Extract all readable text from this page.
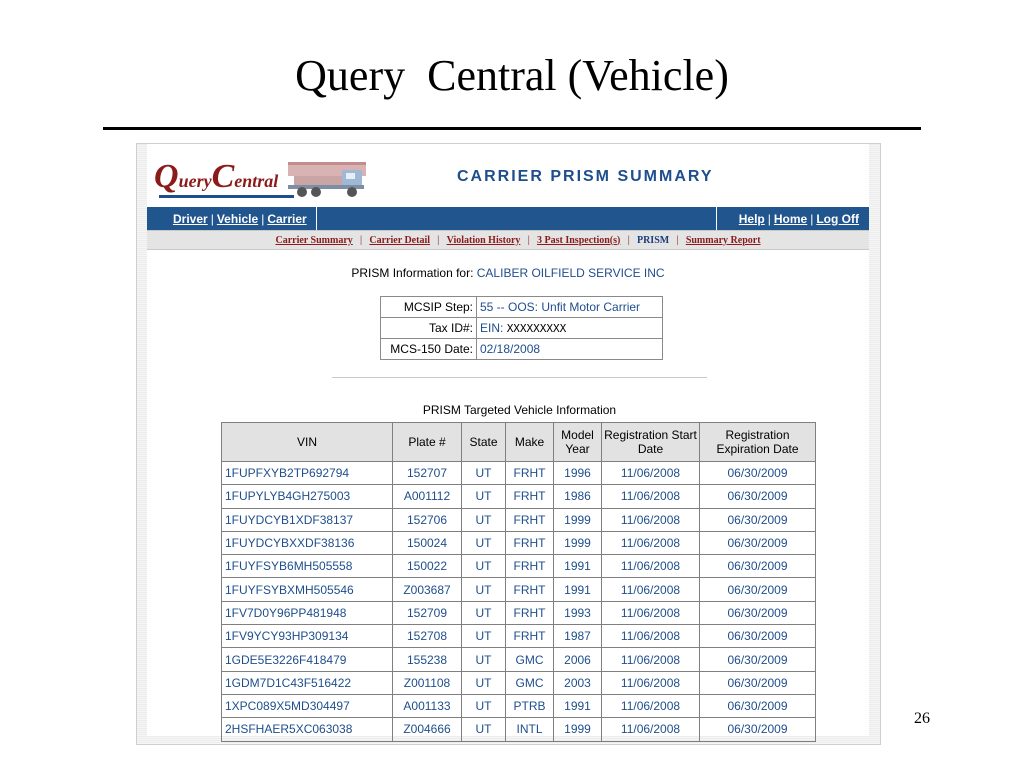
Query  Central (Vehicle)
26
QueryCentral	CARRIER PRISM SUMMARY
Driver | Vehicle | Carrier	Help | Home | Log Off
Carrier Summary | Carrier Detail | Violation History | 3 Past Inspection(s) | PRISM | Summary Report
PRISM Information for: CALIBER OILFIELD SERVICE INC
MCSIP Step:	55 -- OOS: Unfit Motor Carrier
Tax ID#:	EIN: XXXXXXXXX
MCS-150 Date:	02/18/2008
PRISM Targeted Vehicle Information
VIN	Plate #	State	Make	Model Year	Registration Start Date	Registration Expiration Date
1FUPFXYB2TP692794	152707	UT	FRHT	1996	11/06/2008	06/30/2009
1FUPYLYB4GH275003	A001112	UT	FRHT	1986	11/06/2008	06/30/2009
1FUYDCYB1XDF38137	152706	UT	FRHT	1999	11/06/2008	06/30/2009
1FUYDCYBXXDF38136	150024	UT	FRHT	1999	11/06/2008	06/30/2009
1FUYFSYB6MH505558	150022	UT	FRHT	1991	11/06/2008	06/30/2009
1FUYFSYBXMH505546	Z003687	UT	FRHT	1991	11/06/2008	06/30/2009
1FV7D0Y96PP481948	152709	UT	FRHT	1993	11/06/2008	06/30/2009
1FV9YCY93HP309134	152708	UT	FRHT	1987	11/06/2008	06/30/2009
1GDE5E3226F418479	155238	UT	GMC	2006	11/06/2008	06/30/2009
1GDM7D1C43F516422	Z001108	UT	GMC	2003	11/06/2008	06/30/2009
1XPC089X5MD304497	A001133	UT	PTRB	1991	11/06/2008	06/30/2009
2HSFHAER5XC063038	Z004666	UT	INTL	1999	11/06/2008	06/30/2009
